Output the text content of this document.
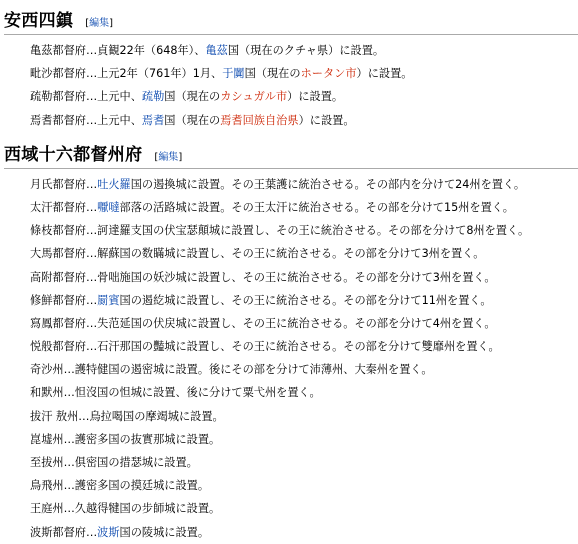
安西四鎮 [編集]
亀茲都督府…貞観22年（648年）、亀茲国（現在のクチャ県）に設置。
毗沙都督府…上元2年（761年）1月、于闐国（現在のホータン市）に設置。
疏勒都督府…上元中、疏勒国（現在のカシュガル市）に設置。
焉耆都督府…上元中、焉耆国（現在の焉耆回族自治県）に設置。
西域十六都督州府 [編集]
月氏都督府…吐火羅国の遏換城に設置。その王葉護に統治させる。その部内を分けて24州を置く。
太汗都督府…嚈噠部落の活路城に設置。その王太汗に統治させる。その部を分けて15州を置く。
條枝都督府…訶達羅支国の伏宝瑟顛城に設置し、その王に統治させる。その部を分けて8州を置く。
大馬都督府…解蘇国の数瞞城に設置し、その王に統治させる。その部を分けて3州を置く。
高附都督府…骨咄施国の妖沙城に設置し、その王に統治させる。その部を分けて3州を置く。
修鮮都督府…罽賓国の遏紇城に設置し、その王に統治させる。その部を分けて11州を置く。
寫鳳都督府…失范延国の伏戻城に設置し、その王に統治させる。その部を分けて4州を置く。
悦般都督府…石汗那国の豔城に設置し、その王に統治させる。その部を分けて雙靡州を置く。
奇沙州…護特健国の遏密城に設置。後にその部を分けて沛薄州、大秦州を置く。
和默州…怛沒国の怛城に設置、後に分けて粟弋州を置く。
拔汗 敖州…烏拉喝国の摩竭城に設置。
崑墟州…護密多国の抜實那城に設置。
至拔州…俱密国の措瑟城に設置。
鳥飛州…護密多国の摸廷城に設置。
王庭州…久越得犍国の步師城に設置。
波斯都督府…波斯国の陵城に設置。
